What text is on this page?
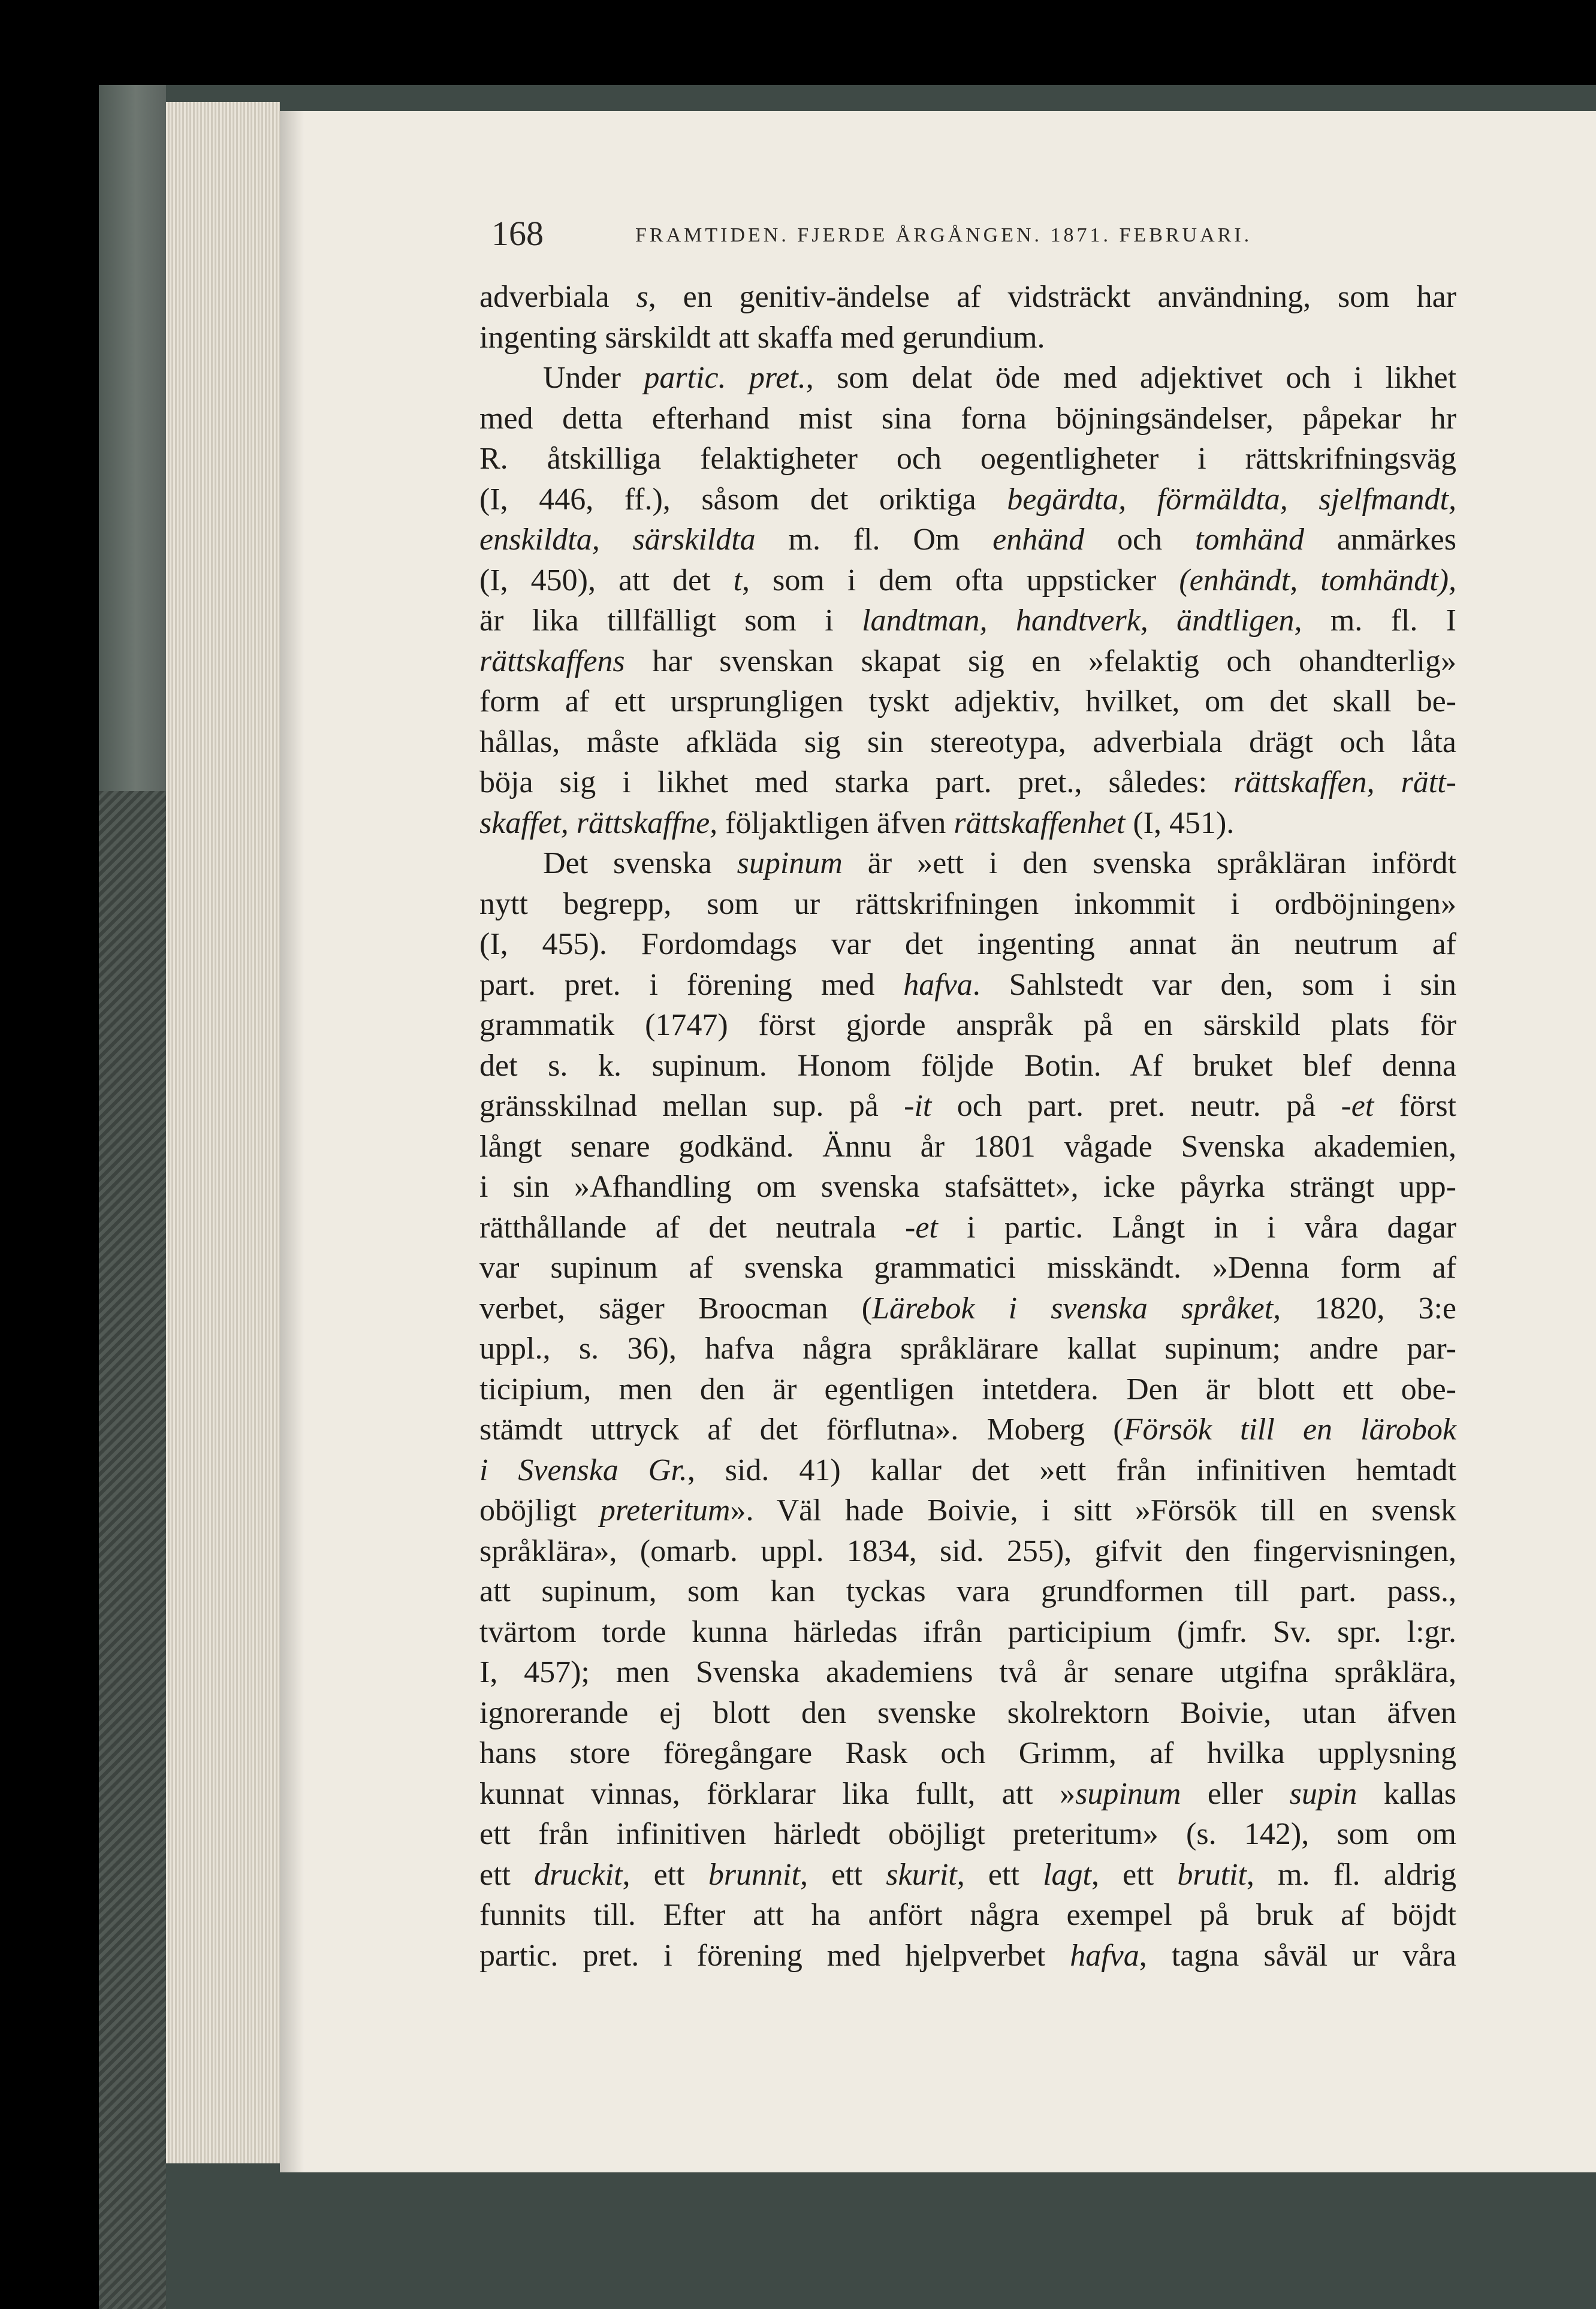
168	FRAMTIDEN. FJERDE ÅRGÅNGEN. 1871. FEBRUARI.
adverbiala s, en genitiv-ändelse af vidsträckt användning, som har
ingenting särskildt att skaffa med gerundium.
Under partic. pret., som delat öde med adjektivet och i likhet
med detta efterhand mist sina forna böjningsändelser, påpekar hr
R. åtskilliga felaktigheter och oegentligheter i rättskrifningsväg
(I, 446, ff.), såsom det oriktiga begärdta, förmäldta, sjelfmandt,
enskildta, särskildta m. fl. Om enhänd och tomhänd anmärkes
(I, 450), att det t, som i dem ofta uppsticker (enhändt, tomhändt),
är lika tillfälligt som i landtman, handtverk, ändtligen, m. fl. I
rättskaffens har svenskan skapat sig en »felaktig och ohandterlig»
form af ett ursprungligen tyskt adjektiv, hvilket, om det skall be-
hållas, måste afkläda sig sin stereotypa, adverbiala drägt och låta
böja sig i likhet med starka part. pret., således: rättskaffen, rätt-
skaffet, rättskaffne, följaktligen äfven rättskaffenhet (I, 451).
Det svenska supinum är »ett i den svenska språkläran infördt
nytt begrepp, som ur rättskrifningen inkommit i ordböjningen»
(I, 455). Fordomdags var det ingenting annat än neutrum af
part. pret. i förening med hafva. Sahlstedt var den, som i sin
grammatik (1747) först gjorde anspråk på en särskild plats för
det s. k. supinum. Honom följde Botin. Af bruket blef denna
gränsskilnad mellan sup. på -it och part. pret. neutr. på -et först
långt senare godkänd. Ännu år 1801 vågade Svenska akademien,
i sin »Afhandling om svenska stafsättet», icke påyrka strängt upp-
rätthållande af det neutrala -et i partic. Långt in i våra dagar
var supinum af svenska grammatici misskändt. »Denna form af
verbet, säger Broocman (Lärebok i svenska språket, 1820, 3:e
uppl., s. 36), hafva några språklärare kallat supinum; andre par-
ticipium, men den är egentligen intetdera. Den är blott ett obe-
stämdt uttryck af det förflutna». Moberg (Försök till en lärobok
i Svenska Gr., sid. 41) kallar det »ett från infinitiven hemtadt
oböjligt preteritum». Väl hade Boivie, i sitt »Försök till en svensk
språklära», (omarb. uppl. 1834, sid. 255), gifvit den fingervisningen,
att supinum, som kan tyckas vara grundformen till part. pass.,
tvärtom torde kunna härledas ifrån participium (jmfr. Sv. spr. l:gr.
I, 457); men Svenska akademiens två år senare utgifna språklära,
ignorerande ej blott den svenske skolrektorn Boivie, utan äfven
hans store föregångare Rask och Grimm, af hvilka upplysning
kunnat vinnas, förklarar lika fullt, att »supinum eller supin kallas
ett från infinitiven härledt oböjligt preteritum» (s. 142), som om
ett druckit, ett brunnit, ett skurit, ett lagt, ett brutit, m. fl. aldrig
funnits till. Efter att ha anfört några exempel på bruk af böjdt
partic. pret. i förening med hjelpverbet hafva, tagna såväl ur våra
